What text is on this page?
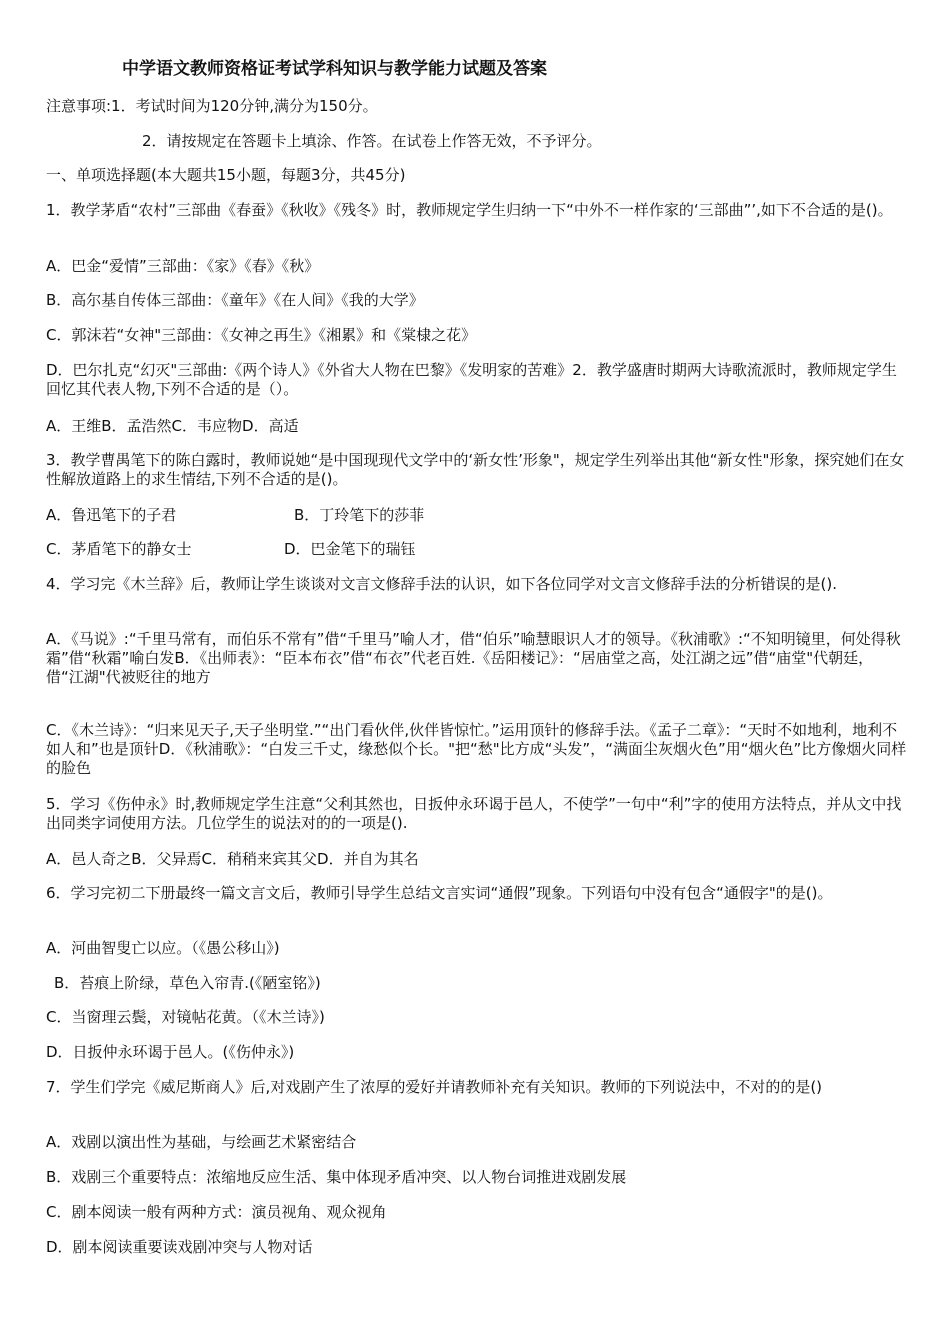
中学语文教师资格证考试学科知识与教学能力试题及答案
注意事项:1．考试时间为120分钟,满分为150分。
2．请按规定在答题卡上填涂、作答。在试卷上作答无效，不予评分。
一、单项选择题(本大题共15小题，每题3分，共45分)
1．教学茅盾“农村”三部曲《春蚕》《秋收》《残冬》时，教师规定学生归纳一下“中外不一样作家的‘三部曲”’,如下不合适的是()。
A．巴金“爱情”三部曲：《家》《春》《秋》
B．高尔基自传体三部曲：《童年》《在人间》《我的大学》
C．郭沫若“女神"三部曲：《女神之再生》《湘累》和《棠棣之花》
D．巴尔扎克“幻灭"三部曲:《两个诗人》《外省大人物在巴黎》《发明家的苦难》2．教学盛唐时期两大诗歌流派时，教师规定学生回忆其代表人物,下列不合适的是（）。
A．王维B．孟浩然C．韦应物D．高适
3．教学曹禺笔下的陈白露时，教师说她“是中国现现代文学中的‘新女性’形象"，规定学生列举出其他“新女性"形象，探究她们在女性解放道路上的求生情结,下列不合适的是()。
A．鲁迅笔下的子君	B．丁玲笔下的莎菲
C．茅盾笔下的静女士	D．巴金笔下的瑞钰
4．学习完《木兰辞》后，教师让学生谈谈对文言文修辞手法的认识，如下各位同学对文言文修辞手法的分析错误的是().
A．《马说》:“千里马常有，而伯乐不常有”借“千里马”喻人才，借“伯乐”喻慧眼识人才的领导。《秋浦歌》:“不知明镜里，何处得秋霜”借“秋霜”喻白发B．《出师表》：“臣本布衣”借“布衣”代老百姓.《岳阳楼记》：“居庙堂之高，处江湖之远”借“庙堂"代朝廷，借“江湖"代被贬往的地方
C．《木兰诗》：“归来见天子,天子坐明堂.”“出门看伙伴,伙伴皆惊忙。”运用顶针的修辞手法。《孟子二章》：“天时不如地利，地利不如人和”也是顶针D．《秋浦歌》：“白发三千丈，缘愁似个长。"把“愁"比方成“头发”，“满面尘灰烟火色”用“烟火色”比方像烟火同样的脸色
5．学习《伤仲永》时,教师规定学生注意“父利其然也，日扳仲永环谒于邑人，不使学”一句中“利”字的使用方法特点，并从文中找出同类字词使用方法。几位学生的说法对的的一项是().
A．邑人奇之B．父异焉C．稍稍来宾其父D．并自为其名
6．学习完初二下册最终一篇文言文后，教师引导学生总结文言实词“通假”现象。下列语句中没有包含“通假字"的是()。
A．河曲智叟亡以应。（《愚公移山》)
B．苔痕上阶绿，草色入帘青.(《陋室铭》)
C．当窗理云鬓，对镜帖花黄。（《木兰诗》)
D．日扳仲永环谒于邑人。(《伤仲永》)
7．学生们学完《威尼斯商人》后,对戏剧产生了浓厚的爱好并请教师补充有关知识。教师的下列说法中，不对的的是()
A．戏剧以演出性为基础，与绘画艺术紧密结合
B．戏剧三个重要特点：浓缩地反应生活、集中体现矛盾冲突、以人物台词推进戏剧发展
C．剧本阅读一般有两种方式：演员视角、观众视角
D．剧本阅读重要读戏剧冲突与人物对话
